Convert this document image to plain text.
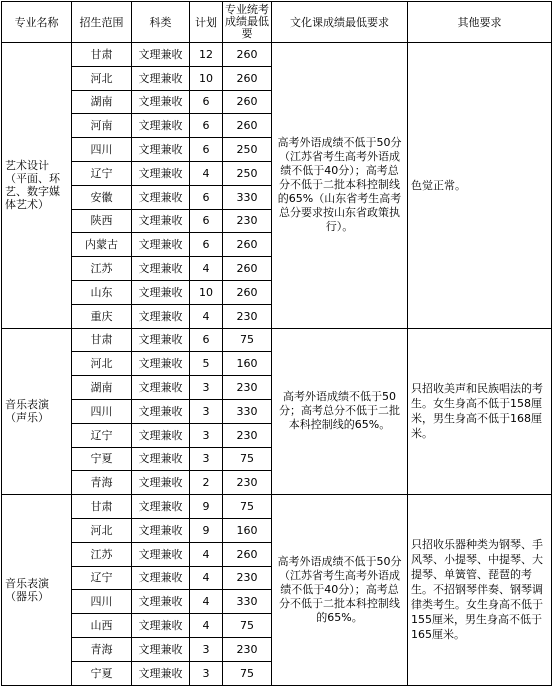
专业名称	招生范围	科类	计划	专业统考成绩最低要	文化课成绩最低要求	其他要求
艺术设计（平面、环艺、数字媒体艺术）	甘肃	文理兼收	12	260	高考外语成绩不低于50分（江苏省考生高考外语成绩不低于40分）；高考总分不低于二批本科控制线的65%（山东省考生高考总分要求按山东省政策执行）。	色觉正常。
	河北	文理兼收	10	260		
	湖南	文理兼收	6	260		
	河南	文理兼收	6	260		
	四川	文理兼收	6	250		
	辽宁	文理兼收	4	250		
	安徽	文理兼收	6	330		
	陕西	文理兼收	6	230		
	内蒙古	文理兼收	6	260		
	江苏	文理兼收	4	260		
	山东	文理兼收	10	260		
	重庆	文理兼收	4	230		
音乐表演（声乐）	甘肃	文理兼收	6	75	高考外语成绩不低于50分；高考总分不低于二批本科控制线的65%。	只招收美声和民族唱法的考生。女生身高不低于158厘米，男生身高不低于168厘米。
	河北	文理兼收	5	160		
	湖南	文理兼收	3	230		
	四川	文理兼收	3	330		
	辽宁	文理兼收	3	230		
	宁夏	文理兼收	3	75		
	青海	文理兼收	2	230		
音乐表演（器乐）	甘肃	文理兼收	9	75	高考外语成绩不低于50分（江苏省考生高考外语成绩不低于40分）；高考总分不低于二批本科控制线的65%。	只招收乐器种类为钢琴、手风琴、小提琴、中提琴、大提琴、单簧管、琵琶的考生。不招钢琴伴奏、钢琴调律类考生。女生身高不低于 155厘米，男生身高不低于 165厘米。
	河北	文理兼收	9	160		
	江苏	文理兼收	4	260		
	辽宁	文理兼收	4	230		
	四川	文理兼收	4	330		
	山西	文理兼收	4	75		
	青海	文理兼收	3	230		
	宁夏	文理兼收	3	75		
